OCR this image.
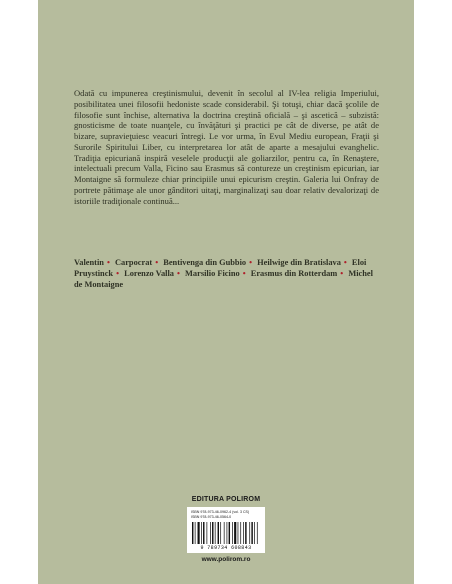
Odată cu impunerea creştinismului, devenit în secolul al IV-lea religia Imperiului, posibilitatea unei filosofii hedoniste scade considerabil. Şi totuşi, chiar dacă şcolile de filosofie sunt închise, alternativa la doctrina creştină oficială – şi ascetică – subzistă: gnosticisme de toate nuanţele, cu învăţături şi practici pe cât de diverse, pe atât de bizare, supravieţuiesc veacuri întregi. Le vor urma, în Evul Mediu european, Fraţii şi Surorile Spiritului Liber, cu interpretarea lor atât de aparte a mesajului evanghelic. Tradiţia epicuriană inspiră veselele producţii ale goliarzilor, pentru ca, în Renaştere, intelectuali precum Valla, Ficino sau Erasmus să contureze un creştinism epicurian, iar Montaigne să formuleze chiar principiile unui epicurism creştin. Galeria lui Onfray de portrete pătimaşe ale unor gânditori uitaţi, marginalizaţi sau doar relativ devalorizaţi de istoriile tradiţionale continuă...

Valentin • Carpocrat • Bentivenga din Gubbio • Heilwige din Bratislava • Eloi Pruystinck • Lorenzo Valla • Marsilio Ficino • Erasmus din Rotterdam • Michel de Montaigne
EDITURA POLIROM
ISBN 978-973-46-0962-4 (vol. 3 CS)
ISBN 978-973-46-0564-0
9 789734 608843
www.polirom.ro
